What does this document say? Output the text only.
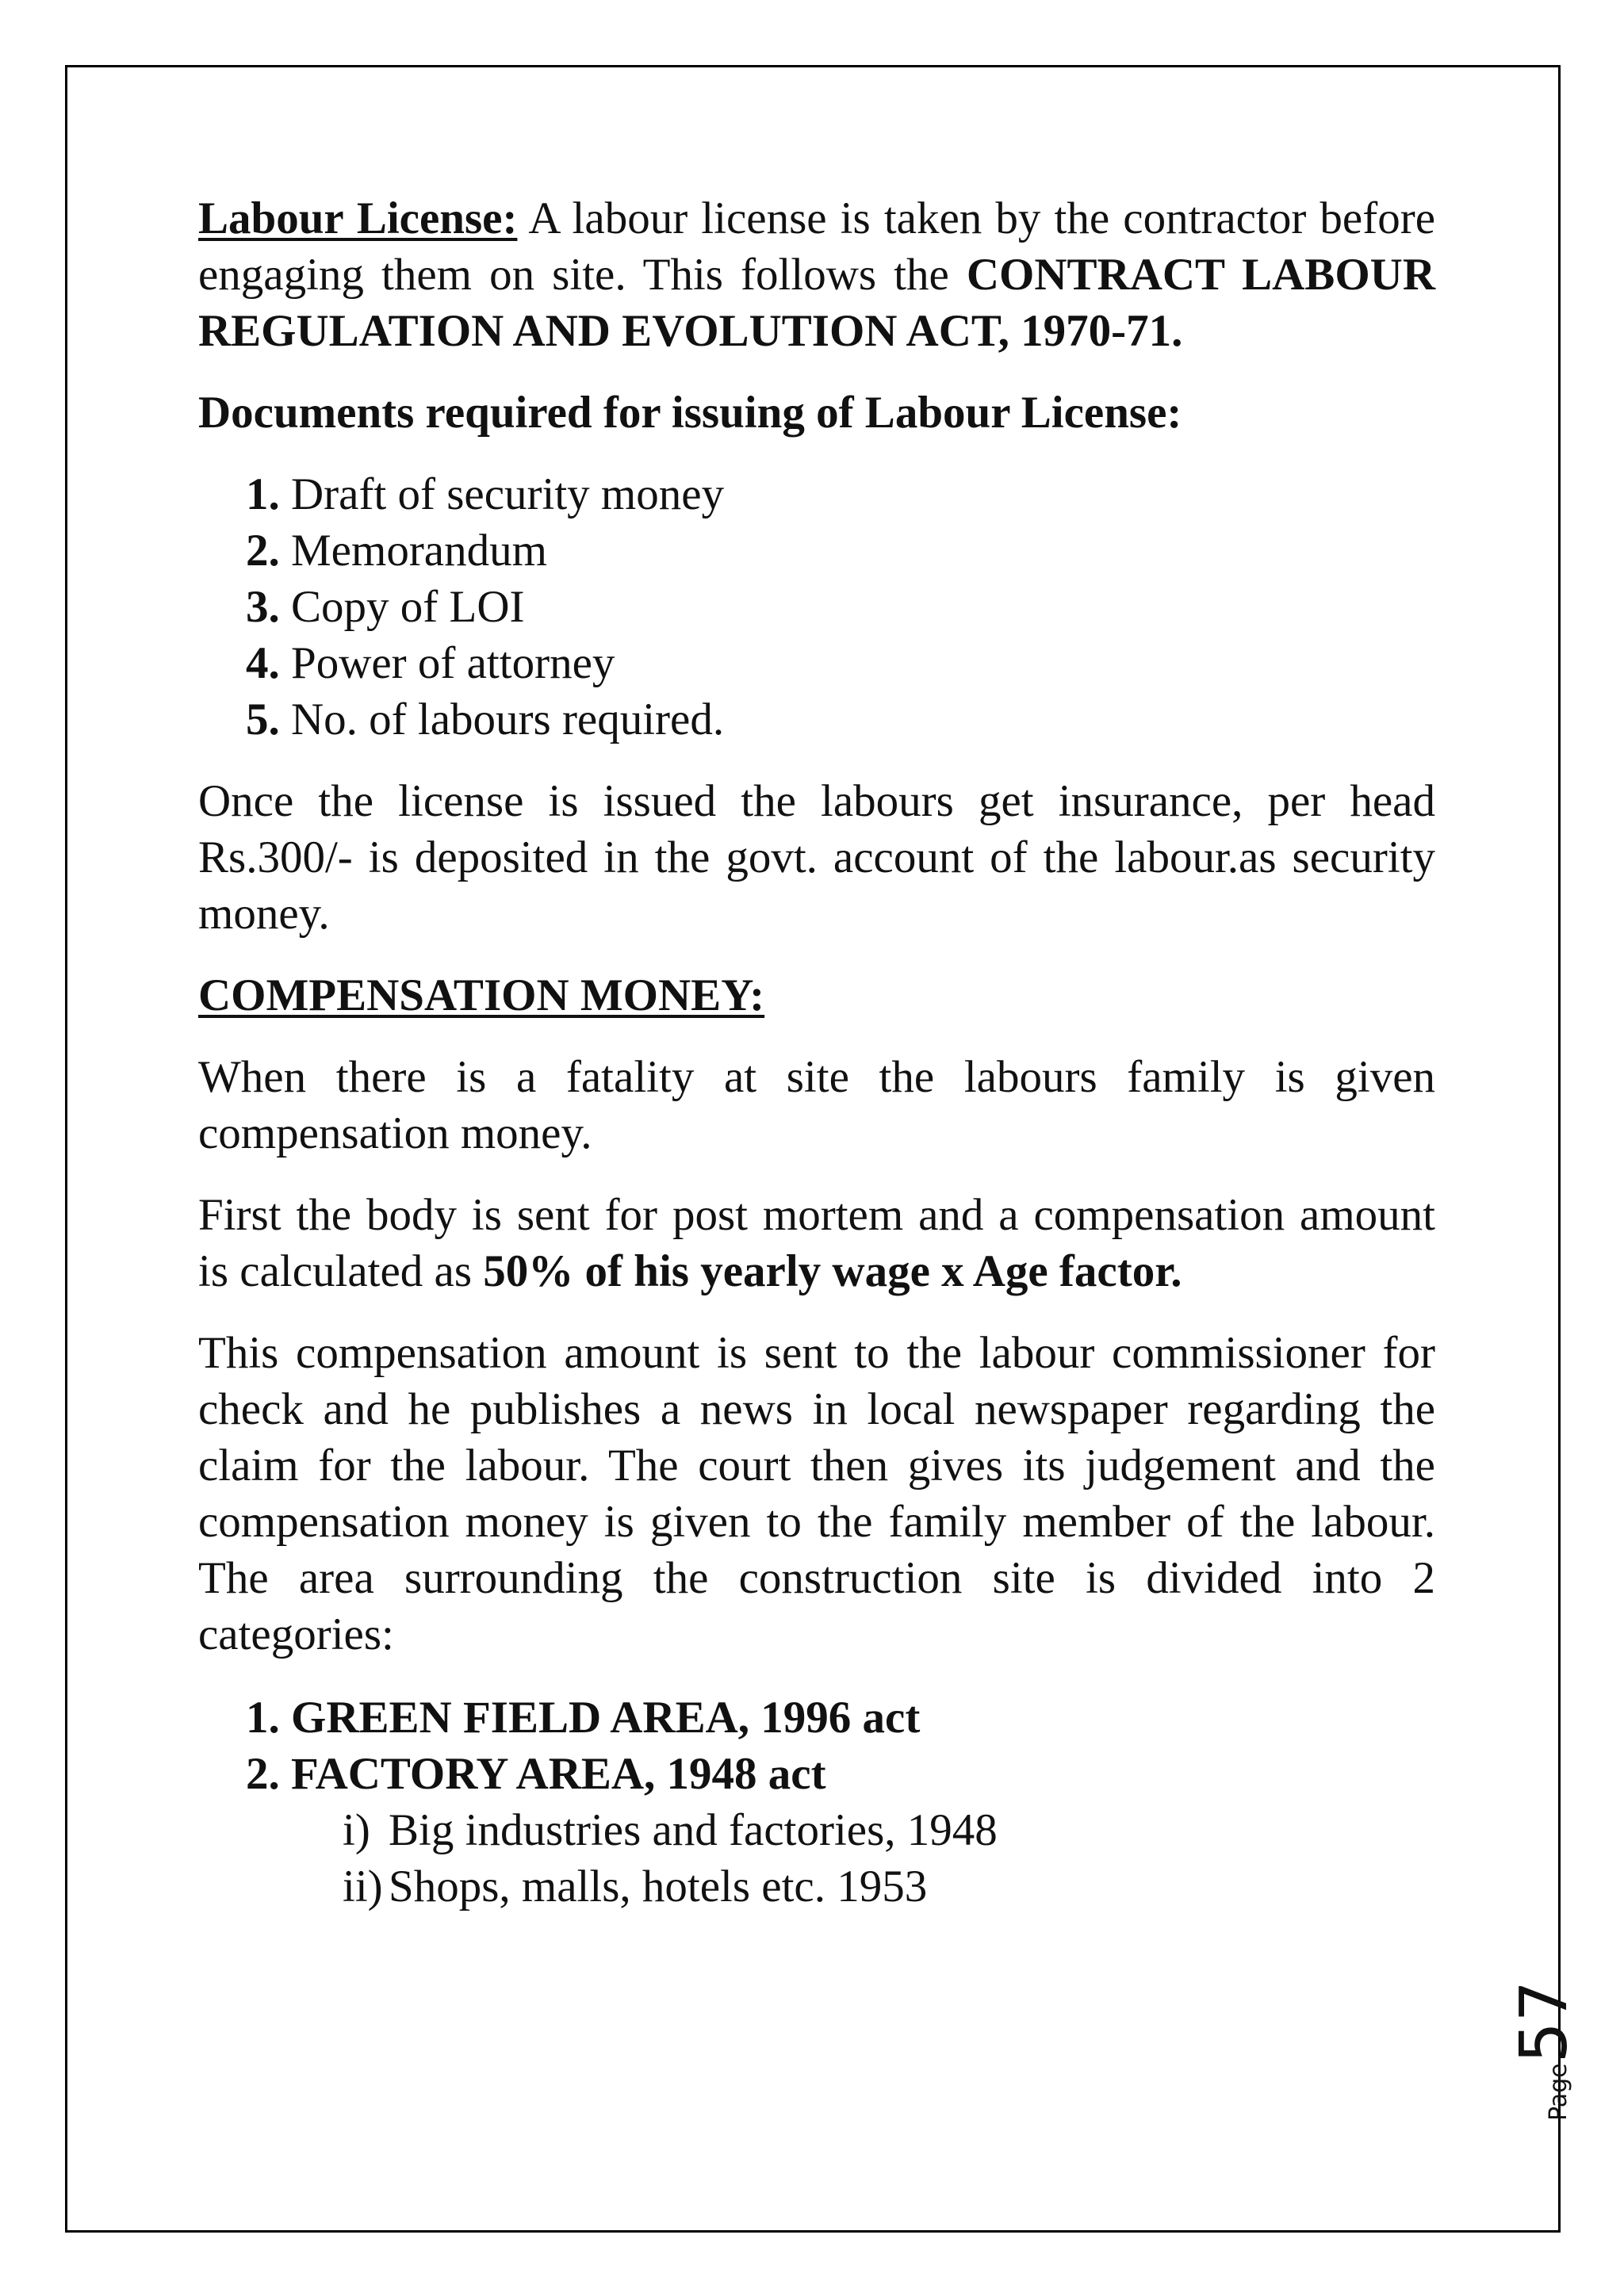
Labour License: A labour license is taken by the contractor before engaging them on site. This follows the CONTRACT LABOUR REGULATION AND EVOLUTION ACT, 1970-71.

Documents required for issuing of Labour License:

1. Draft of security money
2. Memorandum
3. Copy of LOI
4. Power of attorney
5. No. of labours required.

Once the license is issued the labours get insurance, per head Rs.300/- is deposited in the govt. account of the labour.as security money.

COMPENSATION MONEY:

When there is a fatality at site the labours family is given compensation money.

First the body is sent for post mortem and a compensation amount is calculated as 50% of his yearly wage x Age factor.

This compensation amount is sent to the labour commissioner for check and he publishes a news in local newspaper regarding the claim for the labour. The court then gives its judgement and the compensation money is given to the family member of the labour. The area surrounding the construction site is divided into 2 categories:

1. GREEN FIELD AREA, 1996 act
2. FACTORY AREA, 1948 act
i) Big industries and factories, 1948
ii) Shops, malls, hotels etc. 1953
Page57
